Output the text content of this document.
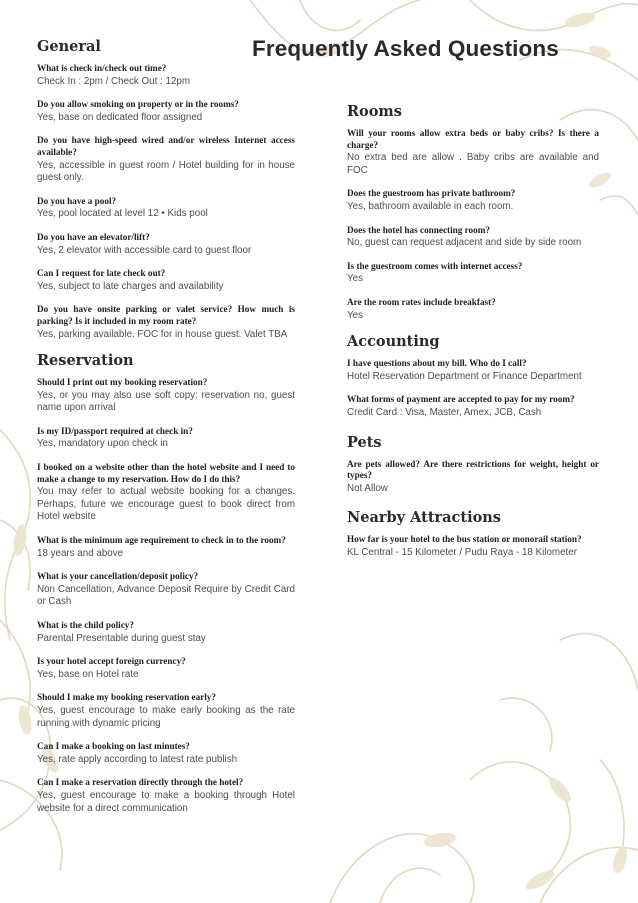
Frequently Asked Questions
General

What is check in/check out time?

Check In : 2pm / Check Out : 12pm

Do you allow smoking on property or in the rooms?

Yes, base on dedicated floor assigned

Do you have high-speed wired and/or wireless Internet access available?

Yes, accessible in guest room / Hotel building for in house guest only.

Do you have a pool?

Yes, pool located at level 12 • Kids pool

Do you have an elevator/lift?

Yes, 2 elevator with accessible card to guest floor

Can I request for late check out?

Yes, subject to late charges and availability

Do you have onsite parking or valet service? How much is parking? Is it included in my room rate?

Yes, parking available. FOC for in house guest. Valet TBA

Reservation

Should I print out my booking reservation?

Yes, or you may also use soft copy: reservation no, guest name upon arrival

Is my ID/passport required at check in?

Yes, mandatory upon check in

I booked on a website other than the hotel website and I need to make a change to my reservation. How do I do this?

You may refer to actual website booking for a changes. Perhaps, future we encourage guest to book direct from Hotel website

What is the minimum age requirement to check in to the room?

18 years and above

What is your cancellation/deposit policy?

Non Cancellation, Advance Deposit Require by Credit Card or Cash

What is the child policy?

Parental Presentable during guest stay

Is your hotel accept foreign currency?

Yes, base on Hotel rate

Should I make my booking reservation early?

Yes, guest encourage to make early booking as the rate running with dynamic pricing

Can I make a booking on last minutes?

Yes, rate apply according to latest rate publish

Can I make a reservation directly through the hotel?

Yes, guest encourage to make a booking through Hotel website for a direct communication

Rooms

Will your rooms allow extra beds or baby cribs? Is there a charge?

No extra bed are allow . Baby cribs are available and FOC

Does the guestroom has private bathroom?

Yes, bathroom available in each room.

Does the hotel has connecting room?

No, guest can request adjacent and side by side room

Is the guestroom comes with internet access?

Yes

Are the room rates include breakfast?

Yes

Accounting

I have questions about my bill. Who do I call?

Hotel Reservation Department or Finance Department

What forms of payment are accepted to pay for my room?

Credit Card : Visa, Master, Amex, JCB, Cash

Pets

Are pets allowed? Are there restrictions for weight, height or types?

Not Allow

Nearby Attractions

How far is your hotel to the bus station or monorail station?

KL Central - 15 Kilometer / Pudu Raya - 18 Kilometer
